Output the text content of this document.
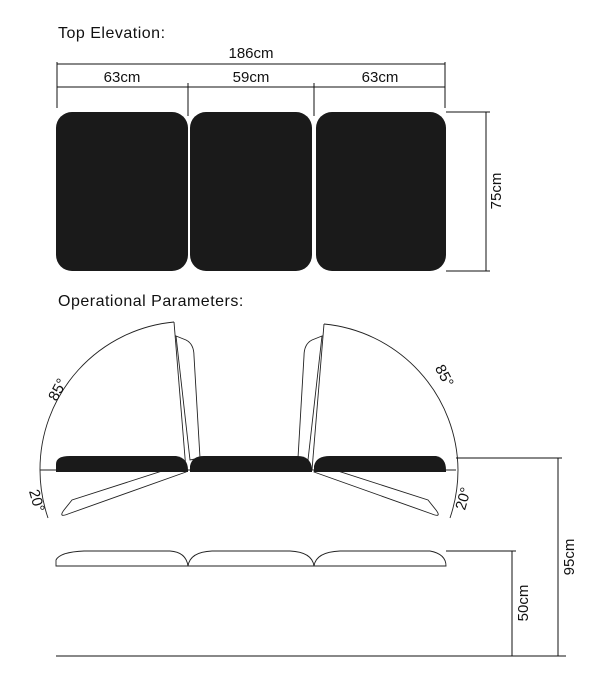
Top Elevation:
186cm
63cm	59cm	63cm
75cm
Operational Parameters:
85°
20°
85°
20°
95cm
50cm
